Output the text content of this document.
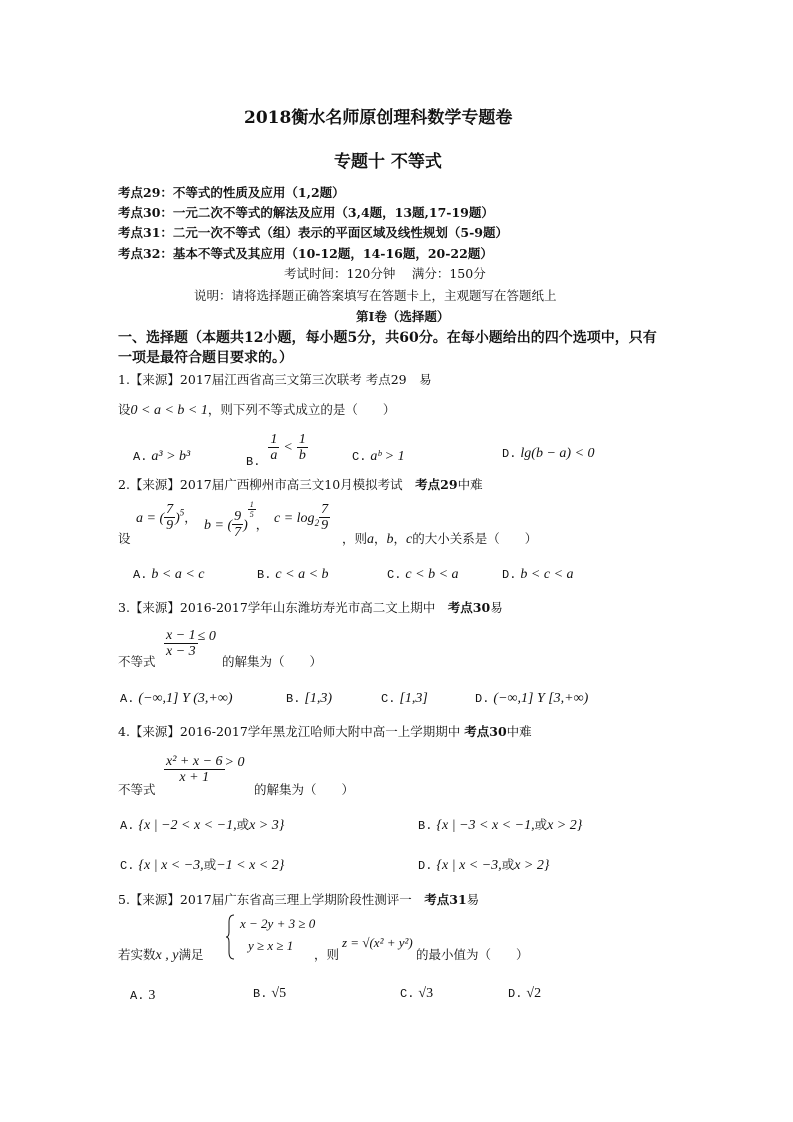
2018衡水名师原创理科数学专题卷
专题十 不等式
考点29：不等式的性质及应用（1,2题）
考点30：一元二次不等式的解法及应用（3,4题，13题,17-19题）
考点31：二元一次不等式（组）表示的平面区域及线性规划（5-9题）
考点32：基本不等式及其应用（10-12题，14-16题，20-22题）
考试时间：120分钟　 满分：150分
说明：请将选择题正确答案填写在答题卡上，主观题写在答题纸上
第I卷（选择题）
一、选择题（本题共12小题，每小题5分，共60分。在每小题给出的四个选项中，只有
一项是最符合题目要求的。）
1.【来源】2017届江西省高三文第三次联考 考点29　易
设0 < a < b < 1，则下列不等式成立的是（　　）
A. a³ > b³	B. $\frac{1}{a} < \frac{1}{b}$	C. aᵇ > 1	D. lg(b − a) < 0
2.【来源】2017届广西柳州市高三文10月模拟考试　考点29中难
设
a = ( $\frac{7}{9} )^5$，
b = ( $\frac{9}{7}$ )
$\frac{1}{5}$
， $c = \log_2 \frac{7}{9}$
，则a，b，c的大小关系是（　　）
A. b < a < c	B. c < a < b	C. c < b < a	D. b < c < a
3.【来源】2016-2017学年山东潍坊寿光市高二文上期中　考点30易
不等式
$\frac{x - 1}{x - 3} \le 0$
的解集为（　　）
A. (−∞,1] Y (3,+∞)	B. [1,3)	C. [1,3]	D. (−∞,1] Y [3,+∞)
4.【来源】2016-2017学年黑龙江哈师大附中高一上学期期中 考点30中难
不等式
$\frac{\text{x² + x − 6}}{x + 1} > 0$
的解集为（　　）
A. {x | −2 < x < −1,或x > 3}	B. {x | −3 < x < −1,或x > 2}
C. {x | x < −3,或−1 < x < 2}	D. {x | x < −3,或x > 2}
5.【来源】2017届广东省高三理上学期阶段性测评一　考点31易
若实数x , y满足
x − 2y + 3 ≥ 0
y ≥ x ≥ 1
，则
z = √(x² + y²)
的最小值为（　　）
A. 3	B. √5	C. √3	D. √2
